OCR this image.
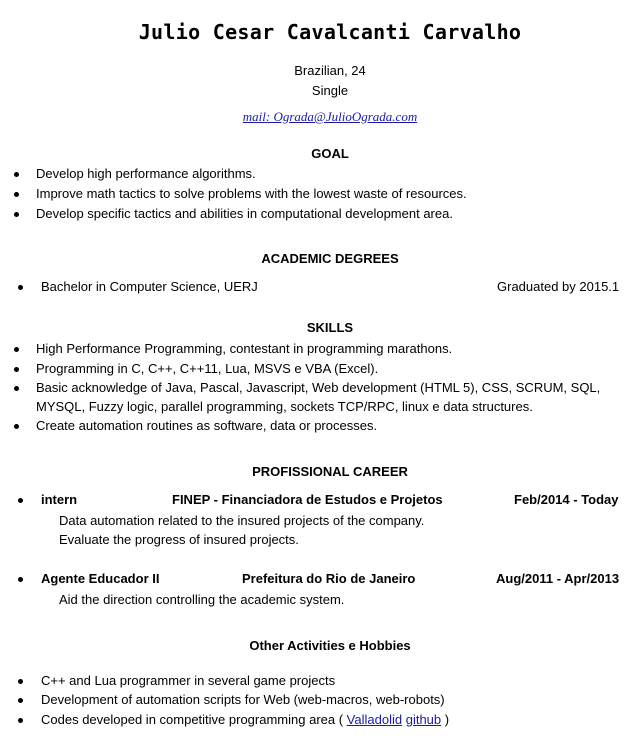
Julio Cesar Cavalcanti Carvalho
Brazilian, 24
Single
mail: Ograda@JulioOgrada.com
GOAL
Develop high performance algorithms.
Improve math tactics to solve problems with the lowest waste of resources.
Develop specific tactics and abilities in computational development area.
ACADEMIC DEGREES
Bachelor in Computer Science, UERJ	Graduated by 2015.1
SKILLS
High Performance Programming, contestant in programming marathons.
Programming in C, C++, C++11, Lua, MSVS e VBA (Excel).
Basic acknowledge of Java, Pascal, Javascript, Web development (HTML 5), CSS, SCRUM, SQL,
MYSQL, Fuzzy logic, parallel programming, sockets TCP/RPC, linux e data structures.
Create automation routines as software, data or processes.
PROFISSIONAL CAREER
intern	FINEP - Financiadora de Estudos e Projetos	Feb/2014 - Today
Data automation related to the insured projects of the company.
Evaluate the progress of insured projects.
Agente Educador II	Prefeitura do Rio de Janeiro	Aug/2011 - Apr/2013
Aid the direction controlling the academic system.
Other Activities e Hobbies
C++ and Lua programmer in several game projects
Development of automation scripts for Web (web-macros, web-robots)
Codes developed in competitive programming area ( Valladolid github )
